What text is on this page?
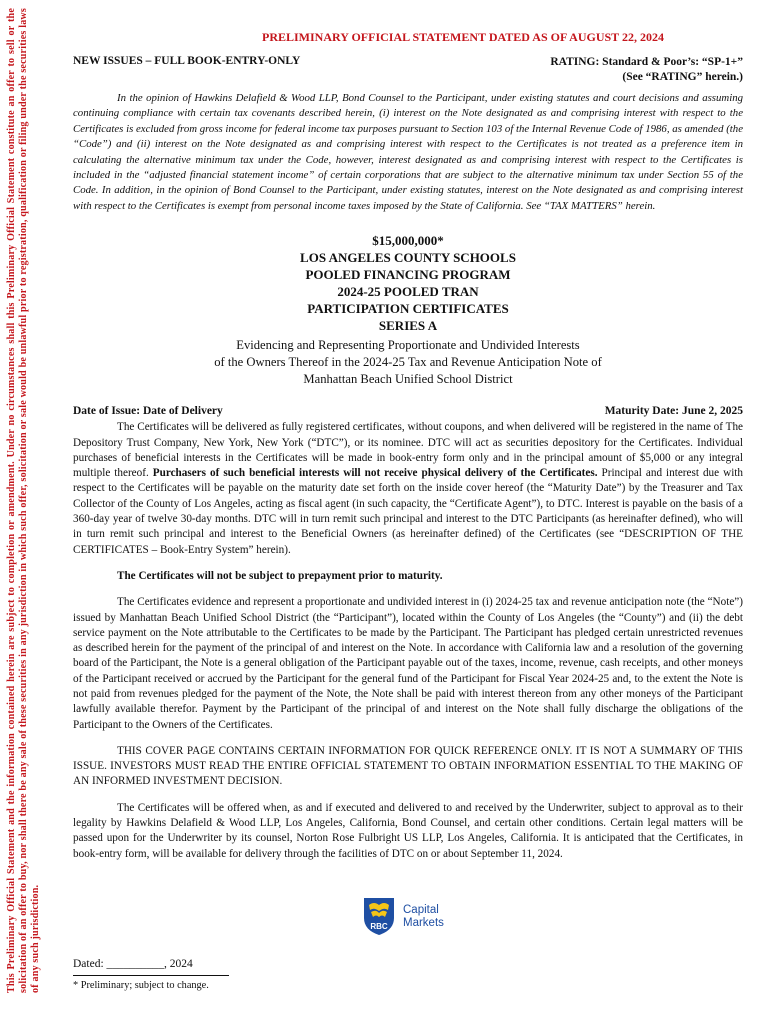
This Preliminary Official Statement and the information contained herein are subject to completion or amendment. Under no circumstances shall this Preliminary Official Statement constitute an offer to sell or the solicitation of an offer to buy, nor shall there be any sale of these securities in any jurisdiction in which such offer, solicitation or sale would be unlawful prior to registration, qualification or filing under the securities laws of any such jurisdiction.
PRELIMINARY OFFICIAL STATEMENT DATED AS OF AUGUST 22, 2024
NEW ISSUES – FULL BOOK-ENTRY-ONLY	RATING: Standard & Poor’s: “SP-1+”
(See “RATING” herein.)

In the opinion of Hawkins Delafield & Wood LLP, Bond Counsel to the Participant, under existing statutes and court decisions and assuming continuing compliance with certain tax covenants described herein, (i) interest on the Note designated as and comprising interest with respect to the Certificates is excluded from gross income for federal income tax purposes pursuant to Section 103 of the Internal Revenue Code of 1986, as amended (the “Code”) and (ii) interest on the Note designated as and comprising interest with respect to the Certificates is not treated as a preference item in calculating the alternative minimum tax under the Code, however, interest designated as and comprising interest with respect to the Certificates is included in the “adjusted financial statement income” of certain corporations that are subject to the alternative minimum tax under Section 55 of the Code. In addition, in the opinion of Bond Counsel to the Participant, under existing statutes, interest on the Note designated as and comprising interest with respect to the Certificates is exempt from personal income taxes imposed by the State of California. See “TAX MATTERS” herein.

$15,000,000*
LOS ANGELES COUNTY SCHOOLS
POOLED FINANCING PROGRAM
2024-25 POOLED TRAN
PARTICIPATION CERTIFICATES
SERIES A
Evidencing and Representing Proportionate and Undivided Interests
of the Owners Thereof in the 2024-25 Tax and Revenue Anticipation Note of
Manhattan Beach Unified School District
Date of Issue: Date of Delivery	Maturity Date: June 2, 2025

The Certificates will be delivered as fully registered certificates, without coupons, and when delivered will be registered in the name of The Depository Trust Company, New York, New York (“DTC”), or its nominee. DTC will act as securities depository for the Certificates. Individual purchases of beneficial interests in the Certificates will be made in book-entry form only and in the principal amount of $5,000 or any integral multiple thereof. Purchasers of such beneficial interests will not receive physical delivery of the Certificates. Principal and interest due with respect to the Certificates will be payable on the maturity date set forth on the inside cover hereof (the “Maturity Date”) by the Treasurer and Tax Collector of the County of Los Angeles, acting as fiscal agent (in such capacity, the “Certificate Agent”), to DTC. Interest is payable on the basis of a 360-day year of twelve 30-day months. DTC will in turn remit such principal and interest to the DTC Participants (as hereinafter defined), who will in turn remit such principal and interest to the Beneficial Owners (as hereinafter defined) of the Certificates (see “DESCRIPTION OF THE CERTIFICATES – Book-Entry System” herein).

The Certificates will not be subject to prepayment prior to maturity.

The Certificates evidence and represent a proportionate and undivided interest in (i) 2024-25 tax and revenue anticipation note (the “Note”) issued by Manhattan Beach Unified School District (the “Participant”), located within the County of Los Angeles (the “County”) and (ii) the debt service payment on the Note attributable to the Certificates to be made by the Participant. The Participant has pledged certain unrestricted revenues as described herein for the payment of the principal of and interest on the Note. In accordance with California law and a resolution of the governing board of the Participant, the Note is a general obligation of the Participant payable out of the taxes, income, revenue, cash receipts, and other moneys of the Participant received or accrued by the Participant for the general fund of the Participant for Fiscal Year 2024-25 and, to the extent the Note is not paid from revenues pledged for the payment of the Note, the Note shall be paid with interest thereon from any other moneys of the Participant lawfully available therefor. Payment by the Participant of the principal of and interest on the Note shall fully discharge the obligations of the Participant to the Owners of the Certificates.

THIS COVER PAGE CONTAINS CERTAIN INFORMATION FOR QUICK REFERENCE ONLY. IT IS NOT A SUMMARY OF THIS ISSUE. INVESTORS MUST READ THE ENTIRE OFFICIAL STATEMENT TO OBTAIN INFORMATION ESSENTIAL TO THE MAKING OF AN INFORMED INVESTMENT DECISION.

The Certificates will be offered when, as and if executed and delivered to and received by the Underwriter, subject to approval as to their legality by Hawkins Delafield & Wood LLP, Los Angeles, California, Bond Counsel, and certain other conditions. Certain legal matters will be passed upon for the Underwriter by its counsel, Norton Rose Fulbright US LLP, Los Angeles, California. It is anticipated that the Certificates, in book-entry form, will be available for delivery through the facilities of DTC on or about September 11, 2024.

RBC
Capital
Markets
Dated: __________, 2024
* Preliminary; subject to change.
